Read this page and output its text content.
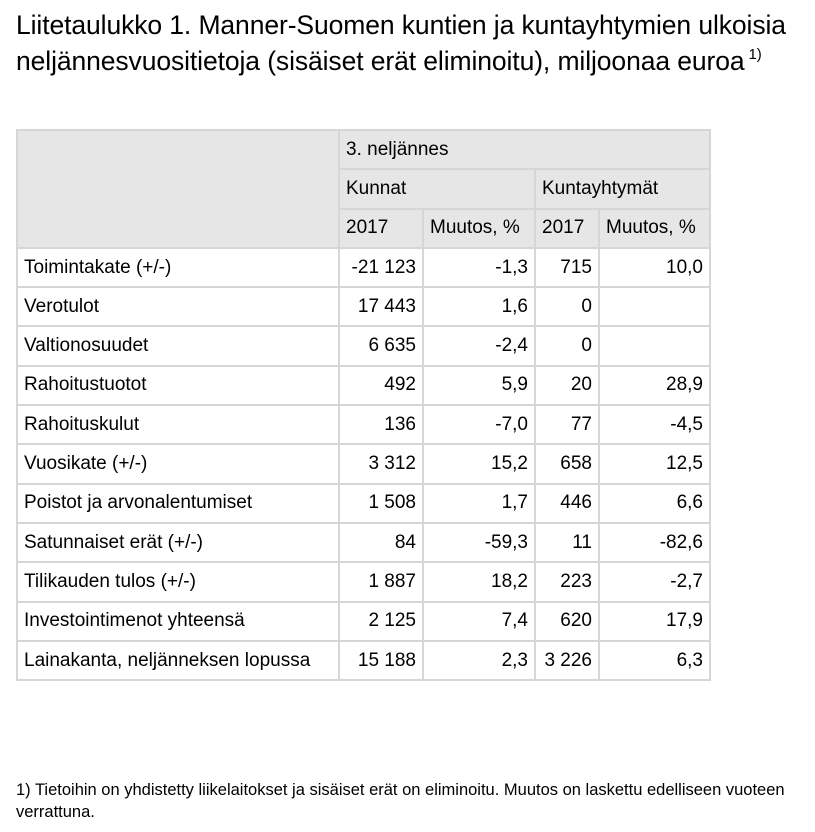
Liitetaulukko 1. Manner-Suomen kuntien ja kuntayhtymien ulkoisia neljännesvuositietoja (sisäiset erät eliminoitu), miljoonaa euroa $^{1)}$
	3. neljännes			
	Kunnat		Kuntayhtymät	
	2017	Muutos, %	2017	Muutos, %
Toimintakate (+/-)	-21 123	-1,3	715	10,0
Verotulot	17 443	1,6	0	
Valtionosuudet	6 635	-2,4	0	
Rahoitustuotot	492	5,9	20	28,9
Rahoituskulut	136	-7,0	77	-4,5
Vuosikate (+/-)	3 312	15,2	658	12,5
Poistot ja arvonalentumiset	1 508	1,7	446	6,6
Satunnaiset erät (+/-)	84	-59,3	11	-82,6
Tilikauden tulos (+/-)	1 887	18,2	223	-2,7
Investointimenot yhteensä	2 125	7,4	620	17,9
Lainakanta, neljänneksen lopussa	15 188	2,3	3 226	6,3

1) Tietoihin on yhdistetty liikelaitokset ja sisäiset erät on eliminoitu. Muutos on laskettu edelliseen vuoteen verrattuna.
